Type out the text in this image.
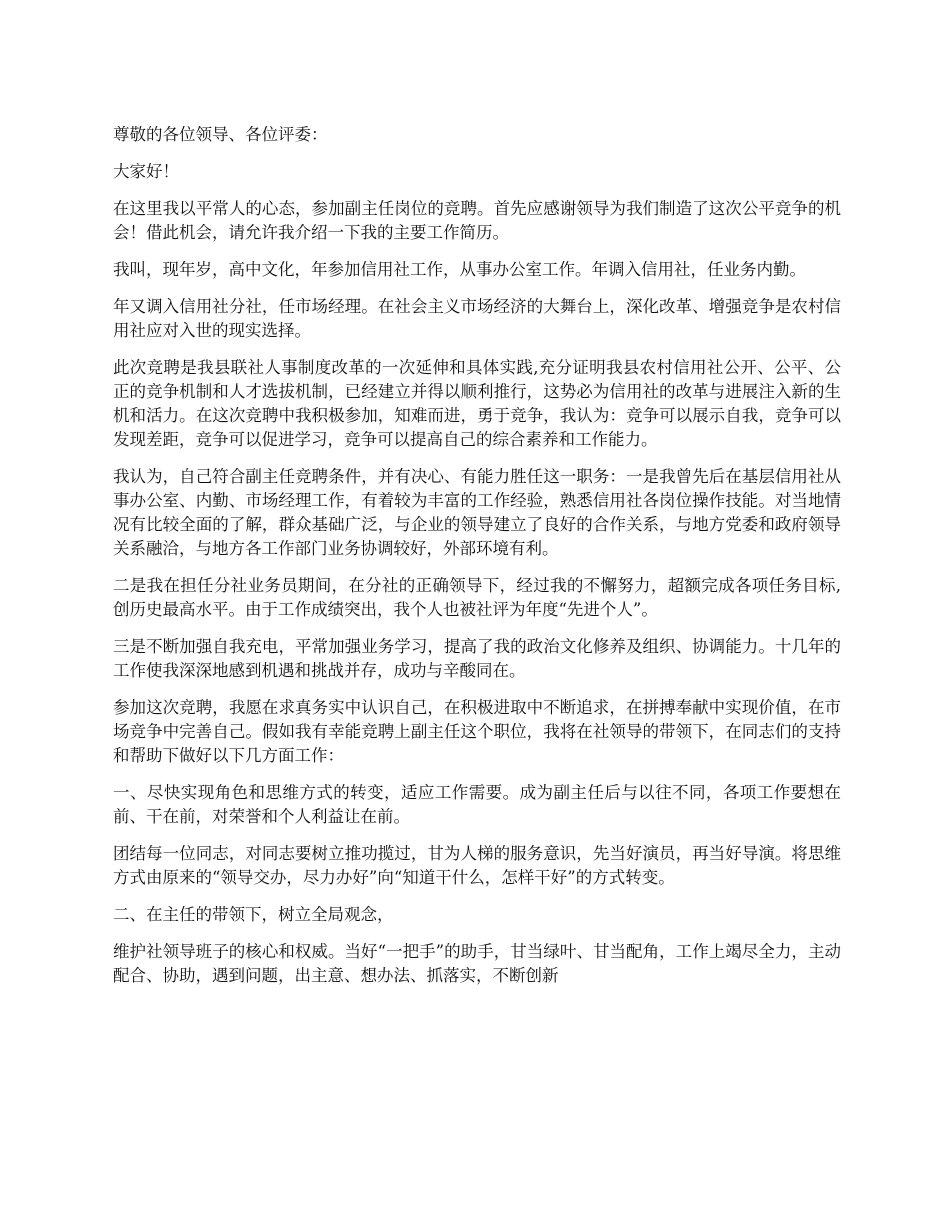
尊敬的各位领导、各位评委：

大家好！

在这里我以平常人的心态，参加副主任岗位的竞聘。首先应感谢领导为我们制造了这次公平竞争的机会！借此机会，请允许我介绍一下我的主要工作简历。

我叫，现年岁，高中文化，年参加信用社工作，从事办公室工作。年调入信用社，任业务内勤。

年又调入信用社分社，任市场经理。在社会主义市场经济的大舞台上，深化改革、增强竞争是农村信用社应对入世的现实选择。

此次竞聘是我县联社人事制度改革的一次延伸和具体实践,充分证明我县农村信用社公开、公平、公正的竞争机制和人才选拔机制，已经建立并得以顺利推行，这势必为信用社的改革与进展注入新的生机和活力。在这次竞聘中我积极参加，知难而进，勇于竞争，我认为：竞争可以展示自我，竞争可以发现差距，竞争可以促进学习，竞争可以提高自己的综合素养和工作能力。

我认为，自己符合副主任竞聘条件，并有决心、有能力胜任这一职务：一是我曾先后在基层信用社从事办公室、内勤、市场经理工作，有着较为丰富的工作经验，熟悉信用社各岗位操作技能。对当地情况有比较全面的了解，群众基础广泛，与企业的领导建立了良好的合作关系，与地方党委和政府领导关系融洽，与地方各工作部门业务协调较好，外部环境有利。

二是我在担任分社业务员期间，在分社的正确领导下，经过我的不懈努力，超额完成各项任务目标,创历史最高水平。由于工作成绩突出，我个人也被社评为年度“先进个人”。

三是不断加强自我充电，平常加强业务学习，提高了我的政治文化修养及组织、协调能力。十几年的工作使我深深地感到机遇和挑战并存，成功与辛酸同在。

参加这次竞聘，我愿在求真务实中认识自己，在积极进取中不断追求，在拼搏奉献中实现价值，在市场竞争中完善自己。假如我有幸能竞聘上副主任这个职位，我将在社领导的带领下，在同志们的支持和帮助下做好以下几方面工作：

一、尽快实现角色和思维方式的转变，适应工作需要。成为副主任后与以往不同，各项工作要想在前、干在前，对荣誉和个人利益让在前。

团结每一位同志，对同志要树立推功揽过，甘为人梯的服务意识，先当好演员，再当好导演。将思维方式由原来的“领导交办，尽力办好”向“知道干什么，怎样干好”的方式转变。

二、在主任的带领下，树立全局观念，

维护社领导班子的核心和权威。当好“一把手”的助手，甘当绿叶、甘当配角，工作上竭尽全力，主动配合、协助，遇到问题，出主意、想办法、抓落实，不断创新
